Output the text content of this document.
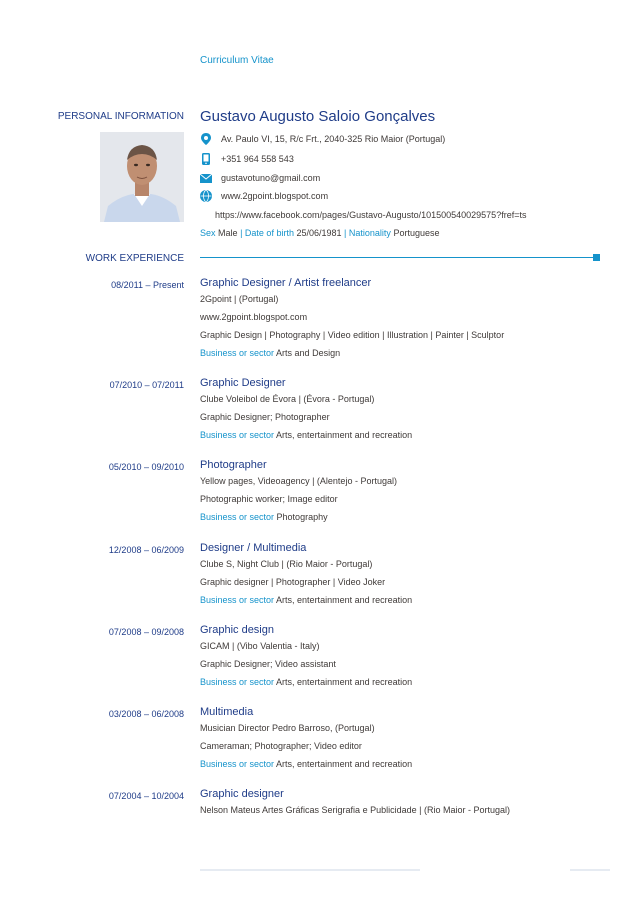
Curriculum Vitae
PERSONAL INFORMATION Gustavo Augusto Saloio Gonçalves
Av. Paulo VI, 15, R/c Frt., 2040-325 Rio Maior (Portugal)
+351 964 558 543
gustavotuno@gmail.com
www.2gpoint.blogspot.com
https://www.facebook.com/pages/Gustavo-Augusto/101500540029575?fref=ts
Sex Male | Date of birth 25/06/1981 | Nationality Portuguese
WORK EXPERIENCE
08/2011 – Present Graphic Designer / Artist freelancer
2Gpoint | (Portugal)
www.2gpoint.blogspot.com
Graphic Design | Photography | Video edition | Illustration | Painter | Sculptor
Business or sector Arts and Design
07/2010 – 07/2011 Graphic Designer
Clube Voleibol de Évora | (Évora - Portugal)
Graphic Designer; Photographer
Business or sector Arts, entertainment and recreation
05/2010 – 09/2010 Photographer
Yellow pages, Videoagency | (Alentejo - Portugal)
Photographic worker; Image editor
Business or sector Photography
12/2008 – 06/2009 Designer / Multimedia
Clube S, Night Club | (Rio Maior - Portugal)
Graphic designer | Photographer | Video Joker
Business or sector Arts, entertainment and recreation
07/2008 – 09/2008 Graphic design
GICAM | (Vibo Valentia - Italy)
Graphic Designer; Video assistant
Business or sector Arts, entertainment and recreation
03/2008 – 06/2008 Multimedia
Musician Director Pedro Barroso, (Portugal)
Cameraman; Photographer; Video editor
Business or sector Arts, entertainment and recreation
07/2004 – 10/2004 Graphic designer
Nelson Mateus Artes Gráficas Serigrafia e Publicidade | (Rio Maior - Portugal)
